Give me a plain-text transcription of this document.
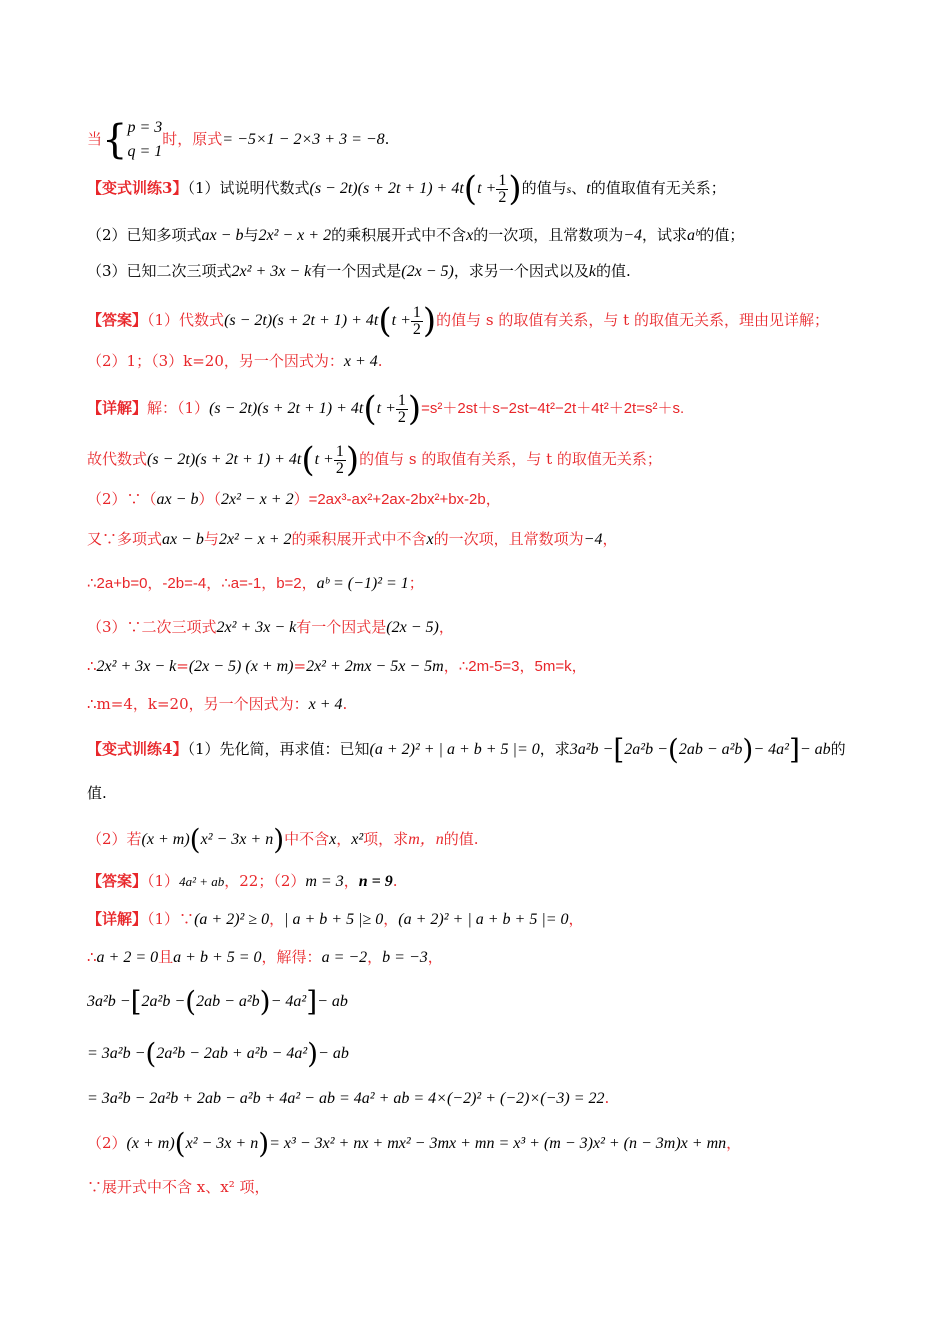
当{ p = 3
q = 1
时，原式= −5×1 − 2×3 + 3 = −8.
【变式训练3】（1）试说明代数式$(s - 2t)(s + 2t + 1) + 4t(t + \frac{1}{2}$ )的值与s、t的值取值有无关系；
（2）已知多项式ax − b与2x² − x + 2的乘积展开式中不含x的一次项，且常数项为−4，试求aᵇ的值；
（3）已知二次三项式2x² + 3x − k有一个因式是(2x − 5)，求另一个因式以及k的值.
【答案】（1）代数式$(s - 2t)(s + 2t + 1) + 4t(t + \frac{1}{2}$ )的值与 s 的取值有关系，与 t 的取值无关系，理由见详解；
（2）1；（3）k=20，另一个因式为：x + 4.
【详解】解：$(1)(s - 2t)(s + 2t + 1) + 4t(t + \frac{1}{2} )=s^2+2st+s-2st-4t^2-2t+4t^2+2t=s^2+s$.
故代数式$(s - 2t)(s + 2t + 1) + 4t(t + \frac{1}{2}$ )的值与 s 的取值有关系，与 t 的取值无关系；
（2）∵（ax − b）（2x² − x + 2）=2ax³-ax²+2ax-2bx²+bx-2b，
又∵多项式ax − b与2x² − x + 2的乘积展开式中不含x的一次项，且常数项为−4，
∴2a+b=0，-2b=-4，∴a=-1，b=2，aᵇ = (−1)² = 1；
（3）∵二次三项式2x² + 3x − k有一个因式是(2x − 5)，
∴2x² + 3x − k=(2x − 5) (x + m)=2x² + 2mx − 5x − 5m，∴2m-5=3，5m=k，
∴m=4，k=20，另一个因式为：x + 4.
【变式训练4】（1）先化简，再求值：已知(a + 2)² + | a + b + 5 |= 0，求3a²b −[2a²b −(2ab − a²b)− 4a²]− ab的
值.
（2）若(x + m)(x² − 3x + n)中不含x，x²项，求m，n的值.
【答案】（1）4a² + ab，22；（2）m = 3，n = 9.
【详解】（1）∵(a + 2)² ≥ 0，| a + b + 5 |≥ 0，(a + 2)² + | a + b + 5 |= 0，
∴a + 2 = 0且a + b + 5 = 0，解得：a = −2，b = −3，
3a²b −[2a²b −(2ab − a²b)− 4a²]− ab
= 3a²b −(2a²b − 2ab + a²b − 4a²)− ab
= 3a²b − 2a²b + 2ab − a²b + 4a² − ab = 4a² + ab = 4×(−2)² + (−2)×(−3) = 22.
（2）(x + m)(x² − 3x + n)= x³ − 3x² + nx + mx² − 3mx + mn = x³ + (m − 3)x² + (n − 3m)x + mn，
∵展开式中不含 x、x² 项，
